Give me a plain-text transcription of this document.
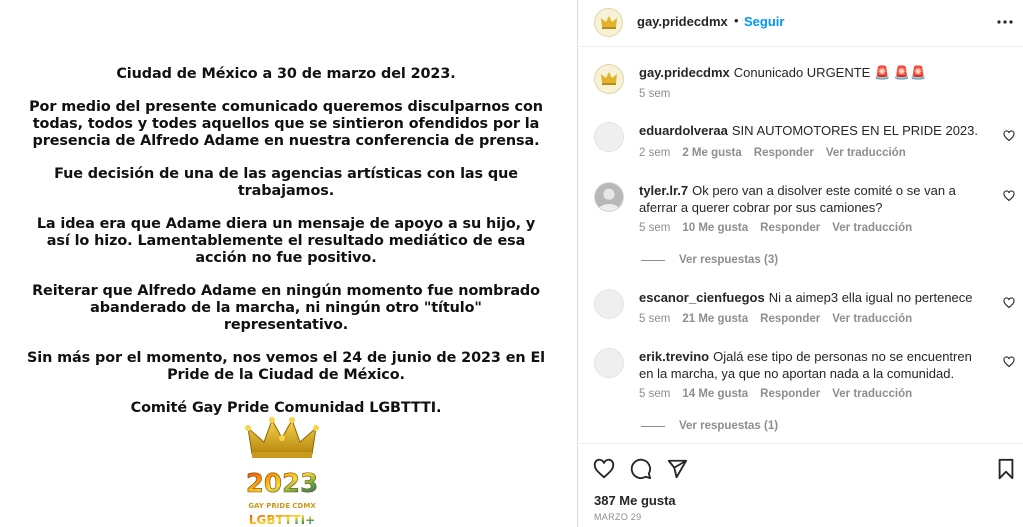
Ciudad de México a 30 de marzo del 2023.

Por medio del presente comunicado queremos disculparnos con todas, todos y todes aquellos que se sintieron ofendidos por la presencia de Alfredo Adame en nuestra conferencia de prensa.

Fue decisión de una de las agencias artísticas con las que trabajamos.

La idea era que Adame diera un mensaje de apoyo a su hijo, y así lo hizo. Lamentablemente el resultado mediático de esa acción no fue positivo.

Reiterar que Alfredo Adame en ningún momento fue nombrado abanderado de la marcha, ni ningún otro "título" representativo.

Sin más por el momento, nos vemos el 24 de junio de 2023 en El Pride de la Ciudad de México.

Comité Gay Pride Comunidad LGBTTTI.

2023
GAY PRIDE CDMX
LGBTTTI+
gay.pridecdmx • Seguir
gay.pridecdmx Conunicado URGENTE 🚨 🚨🚨
5 sem
eduardolveraa SIN AUTOMOTORES EN EL PRIDE 2023.
2 sem 2 Me gusta Responder Ver traducción
tyler.lr.7 Ok pero van a disolver este comité o se van a aferrar a querer cobrar por sus camiones?
5 sem 10 Me gusta Responder Ver traducción
Ver respuestas (3)
escanor_cienfuegos Ni a aimep3 ella igual no pertenece
5 sem 21 Me gusta Responder Ver traducción
erik.trevino Ojalá ese tipo de personas no se encuentren en la marcha, ya que no aportan nada a la comunidad.
5 sem 14 Me gusta Responder Ver traducción
Ver respuestas (1)
387 Me gusta
MARZO 29
